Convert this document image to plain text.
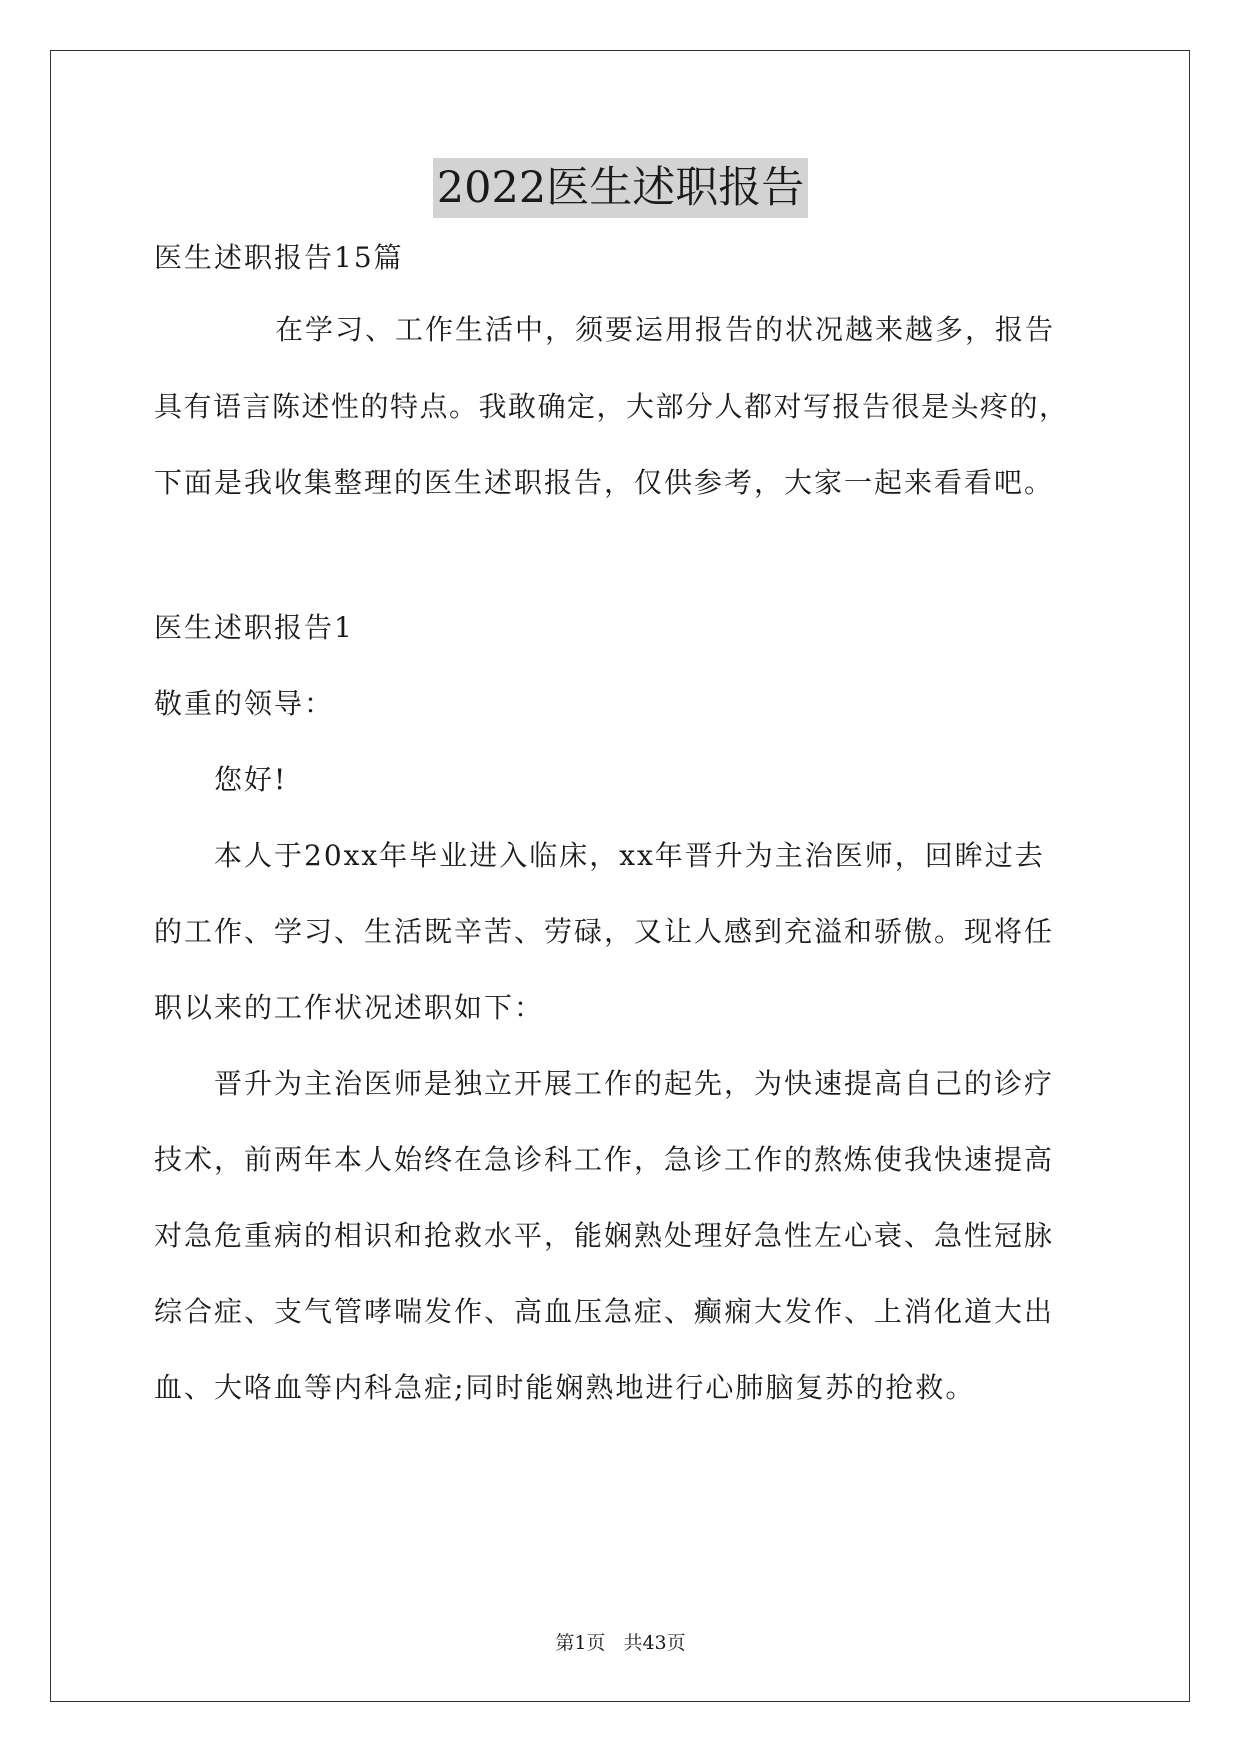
2022医生述职报告
医生述职报告15篇
在学习、工作生活中，须要运用报告的状况越来越多，报告
具有语言陈述性的特点。我敢确定，大部分人都对写报告很是头疼的，
下面是我收集整理的医生述职报告，仅供参考，大家一起来看看吧。
医生述职报告1
敬重的领导：
您好!
本人于20xx年毕业进入临床，xx年晋升为主治医师，回眸过去
的工作、学习、生活既辛苦、劳碌，又让人感到充溢和骄傲。现将任
职以来的工作状况述职如下：
晋升为主治医师是独立开展工作的起先，为快速提高自己的诊疗
技术，前两年本人始终在急诊科工作，急诊工作的熬炼使我快速提高
对急危重病的相识和抢救水平，能娴熟处理好急性左心衰、急性冠脉
综合症、支气管哮喘发作、高血压急症、癫痫大发作、上消化道大出
血、大咯血等内科急症;同时能娴熟地进行心肺脑复苏的抢救。
第1页 共43页
